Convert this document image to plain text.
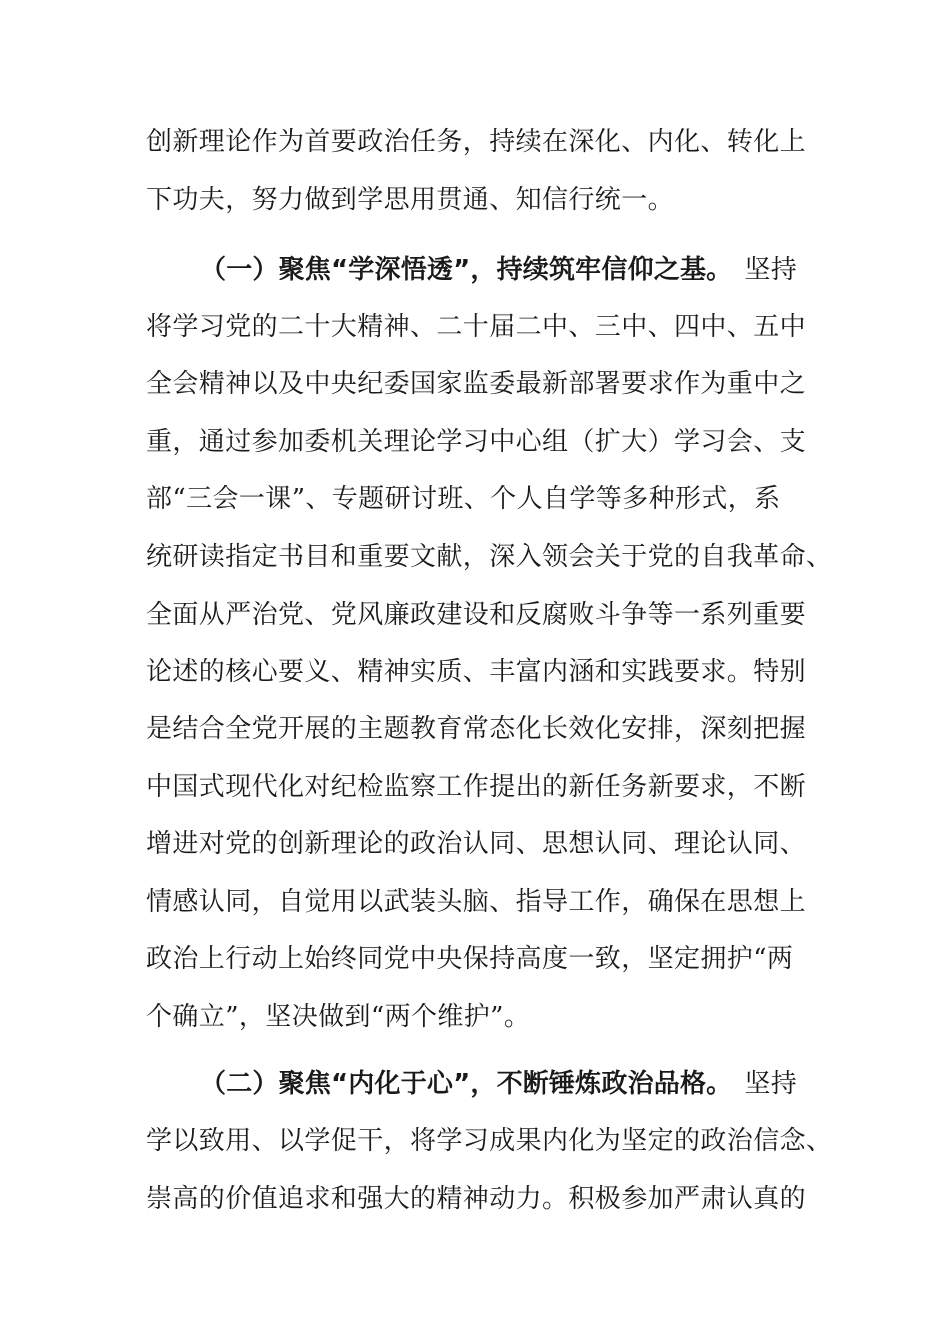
创新理论作为首要政治任务，持续在深化、内化、转化上
下功夫，努力做到学思用贯通、知信行统一。
（一）聚焦“学深悟透”，持续筑牢信仰之基。 坚持
将学习党的二十大精神、二十届二中、三中、四中、五中
全会精神以及中央纪委国家监委最新部署要求作为重中之
重，通过参加委机关理论学习中心组（扩大）学习会、支
部“三会一课”、专题研讨班、个人自学等多种形式，系
统研读指定书目和重要文献，深入领会关于党的自我革命、
全面从严治党、党风廉政建设和反腐败斗争等一系列重要
论述的核心要义、精神实质、丰富内涵和实践要求。特别
是结合全党开展的主题教育常态化长效化安排，深刻把握
中国式现代化对纪检监察工作提出的新任务新要求，不断
增进对党的创新理论的政治认同、思想认同、理论认同、
情感认同，自觉用以武装头脑、指导工作，确保在思想上
政治上行动上始终同党中央保持高度一致，坚定拥护“两
个确立”，坚决做到“两个维护”。
（二）聚焦“内化于心”，不断锤炼政治品格。 坚持
学以致用、以学促干，将学习成果内化为坚定的政治信念、
崇高的价值追求和强大的精神动力。积极参加严肃认真的
